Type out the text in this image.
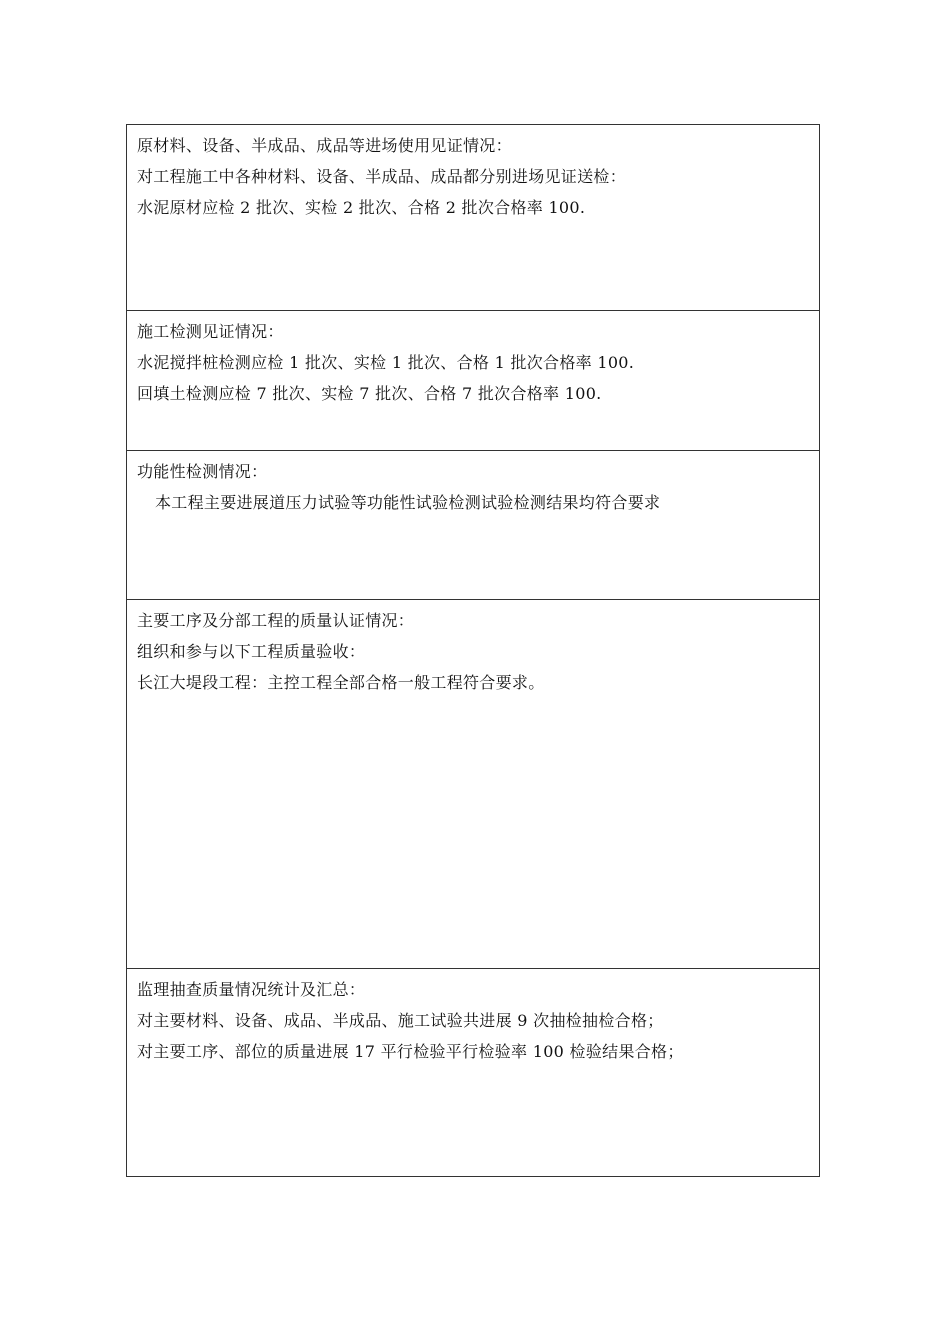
原材料、设备、半成品、成品等进场使用见证情况：
对工程施工中各种材料、设备、半成品、成品都分别进场见证送检：
水泥原材应检 2 批次、实检 2 批次、合格 2 批次合格率 100.
施工检测见证情况：
水泥搅拌桩检测应检 1 批次、实检 1 批次、合格 1 批次合格率 100.
回填土检测应检 7 批次、实检 7 批次、合格 7 批次合格率 100.
功能性检测情况：
本工程主要进展道压力试验等功能性试验检测试验检测结果均符合要求
主要工序及分部工程的质量认证情况：
组织和参与以下工程质量验收：
长江大堤段工程：主控工程全部合格一般工程符合要求。
监理抽查质量情况统计及汇总：
对主要材料、设备、成品、半成品、施工试验共进展 9 次抽检抽检合格；
对主要工序、部位的质量进展 17 平行检验平行检验率 100 检验结果合格；
